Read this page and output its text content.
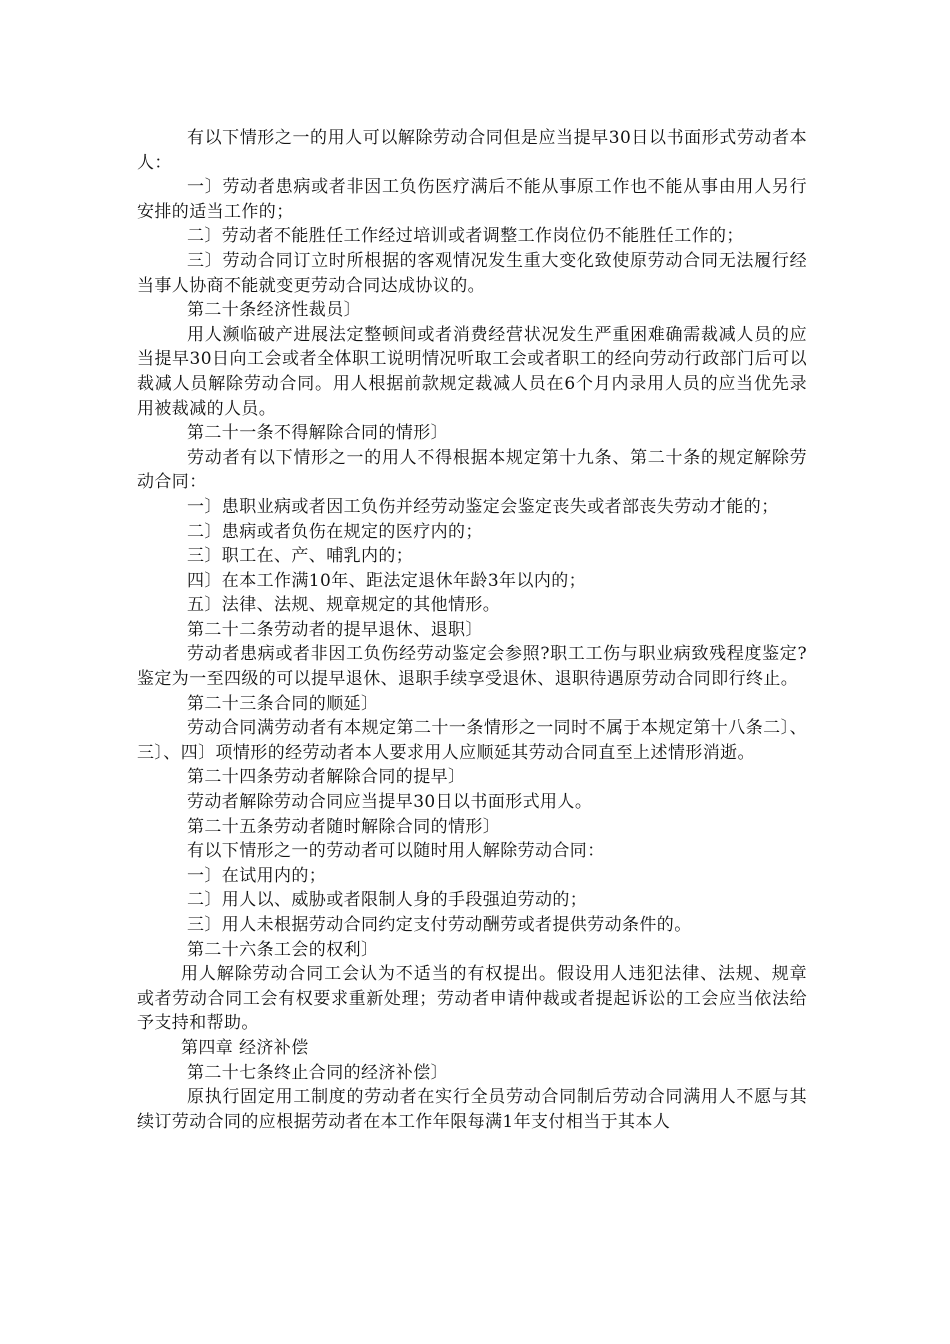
有以下情形之一的用人可以解除劳动合同但是应当提早30日以书面形式劳动者本人：

一〕劳动者患病或者非因工负伤医疗满后不能从事原工作也不能从事由用人另行安排的适当工作的；

二〕劳动者不能胜任工作经过培训或者调整工作岗位仍不能胜任工作的；

三〕劳动合同订立时所根据的客观情况发生重大变化致使原劳动合同无法履行经当事人协商不能就变更劳动合同达成协议的。

第二十条经济性裁员〕

用人濒临破产进展法定整顿间或者消费经营状况发生严重困难确需裁减人员的应当提早30日向工会或者全体职工说明情况听取工会或者职工的经向劳动行政部门后可以裁减人员解除劳动合同。用人根据前款规定裁减人员在6个月内录用人员的应当优先录用被裁减的人员。

第二十一条不得解除合同的情形〕

劳动者有以下情形之一的用人不得根据本规定第十九条、第二十条的规定解除劳动合同：

一〕患职业病或者因工负伤并经劳动鉴定会鉴定丧失或者部丧失劳动才能的；

二〕患病或者负伤在规定的医疗内的；

三〕职工在、产、哺乳内的；

四〕在本工作满10年、距法定退休年龄3年以内的；

五〕法律、法规、规章规定的其他情形。

第二十二条劳动者的提早退休、退职〕

劳动者患病或者非因工负伤经劳动鉴定会参照?职工工伤与职业病致残程度鉴定?鉴定为一至四级的可以提早退休、退职手续享受退休、退职待遇原劳动合同即行终止。

第二十三条合同的顺延〕

劳动合同满劳动者有本规定第二十一条情形之一同时不属于本规定第十八条二〕、三〕、四〕项情形的经劳动者本人要求用人应顺延其劳动合同直至上述情形消逝。

第二十四条劳动者解除合同的提早〕

劳动者解除劳动合同应当提早30日以书面形式用人。

第二十五条劳动者随时解除合同的情形〕

有以下情形之一的劳动者可以随时用人解除劳动合同：

一〕在试用内的；

二〕用人以、威胁或者限制人身的手段强迫劳动的；

三〕用人未根据劳动合同约定支付劳动酬劳或者提供劳动条件的。

第二十六条工会的权利〕

用人解除劳动合同工会认为不适当的有权提出。假设用人违犯法律、法规、规章或者劳动合同工会有权要求重新处理；劳动者申请仲裁或者提起诉讼的工会应当依法给予支持和帮助。

第四章 经济补偿

第二十七条终止合同的经济补偿〕

原执行固定用工制度的劳动者在实行全员劳动合同制后劳动合同满用人不愿与其续订劳动合同的应根据劳动者在本工作年限每满1年支付相当于其本人
